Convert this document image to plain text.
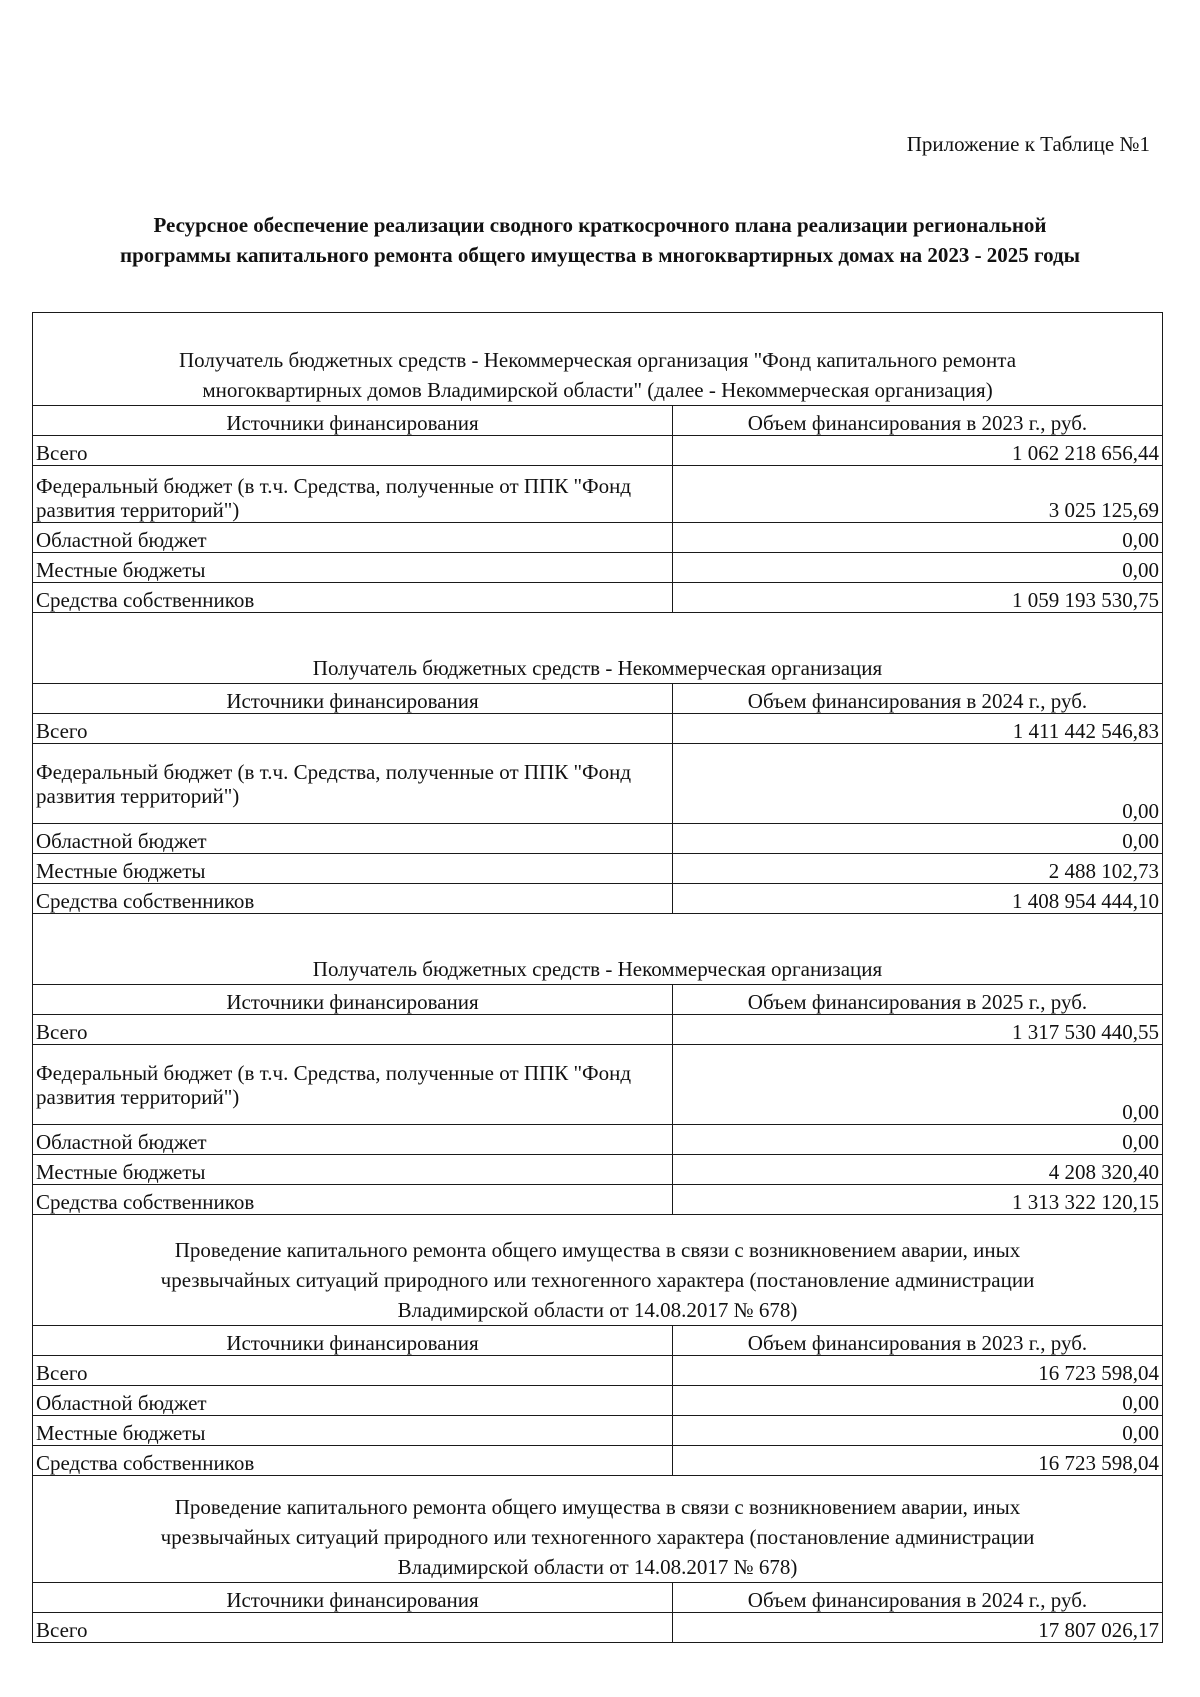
Приложение к Таблице №1
Ресурсное обеспечение реализации сводного краткосрочного плана реализации региональной
программы капитального ремонта общего имущества в многоквартирных домах на 2023 - 2025 годы
Получатель бюджетных средств - Некоммерческая организация "Фонд капитального ремонта
многоквартирных домов Владимирской области" (далее - Некоммерческая организация)	

Источники финансирования	Объем финансирования в 2023 г., руб.
Всего	1 062 218 656,44
Федеральный бюджет (в т.ч. Средства, полученные от ППК "Фонд развития территорий")	3 025 125,69
Областной бюджет	0,00
Местные бюджеты	0,00
Средства собственников	1 059 193 530,75

Получатель бюджетных средств - Некоммерческая организация	

Источники финансирования	Объем финансирования в 2024 г., руб.
Всего	1 411 442 546,83
Федеральный бюджет (в т.ч. Средства, полученные от ППК "Фонд развития территорий")	0,00
Областной бюджет	0,00
Местные бюджеты	2 488 102,73
Средства собственников	1 408 954 444,10

Получатель бюджетных средств - Некоммерческая организация	

Источники финансирования	Объем финансирования в 2025 г., руб.
Всего	1 317 530 440,55
Федеральный бюджет (в т.ч. Средства, полученные от ППК "Фонд развития территорий")	0,00
Областной бюджет	0,00
Местные бюджеты	4 208 320,40
Средства собственников	1 313 322 120,15

Проведение капитального ремонта общего имущества в связи с возникновением аварии, иных
чрезвычайных ситуаций природного или техногенного характера (постановление администрации
Владимирской области от 14.08.2017 № 678)	

Источники финансирования	Объем финансирования в 2023 г., руб.
Всего	16 723 598,04
Областной бюджет	0,00
Местные бюджеты	0,00
Средства собственников	16 723 598,04

Проведение капитального ремонта общего имущества в связи с возникновением аварии, иных
чрезвычайных ситуаций природного или техногенного характера (постановление администрации
Владимирской области от 14.08.2017 № 678)	

Источники финансирования	Объем финансирования в 2024 г., руб.
Всего	17 807 026,17
